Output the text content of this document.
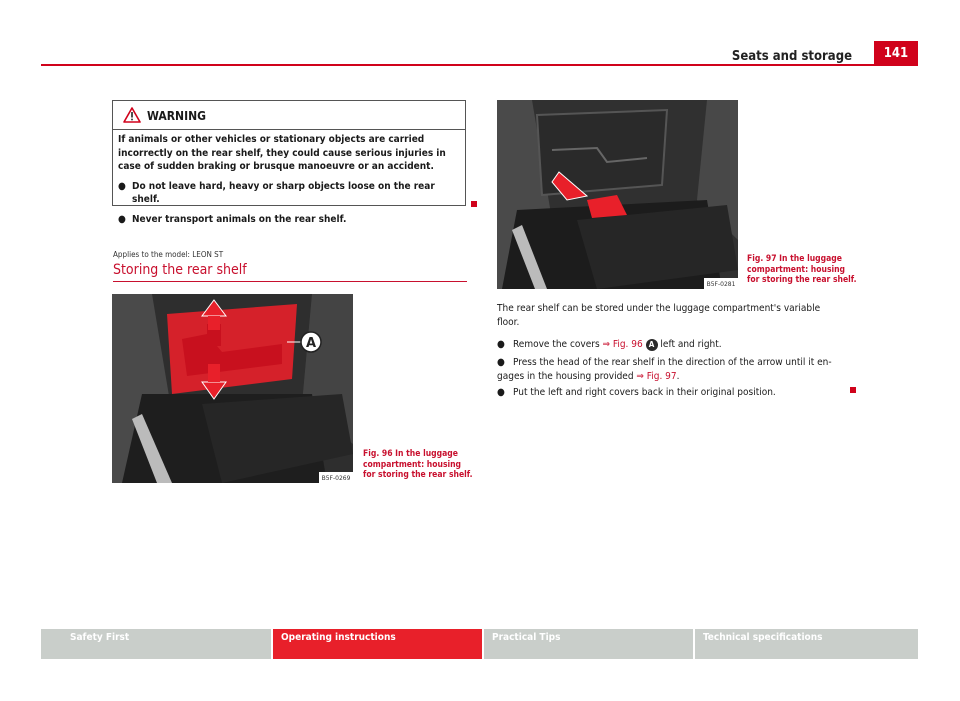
Seats and storage	141
WARNING
If animals or other vehicles or stationary objects are carried incorrectly on the rear shelf, they could cause serious injuries in case of sudden braking or brusque manoeuvre or an accident.
● Do not leave hard, heavy or sharp objects loose on the rear shelf.
● Never transport animals on the rear shelf.
Applies to the model: LEON ST
Storing the rear shelf
A
B5F-0269
Fig. 96 In the luggage
compartment: housing
for storing the rear shelf.
B5F-0281
Fig. 97 In the luggage
compartment: housing
for storing the rear shelf.
The rear shelf can be stored under the luggage compartment's variable floor.
● Remove the covers ⇒ Fig. 96 A left and right.
● Press the head of the rear shelf in the direction of the arrow until it en-
gages in the housing provided ⇒ Fig. 97.
● Put the left and right covers back in their original position.
Safety First	Operating instructions	Practical Tips	Technical specifications
